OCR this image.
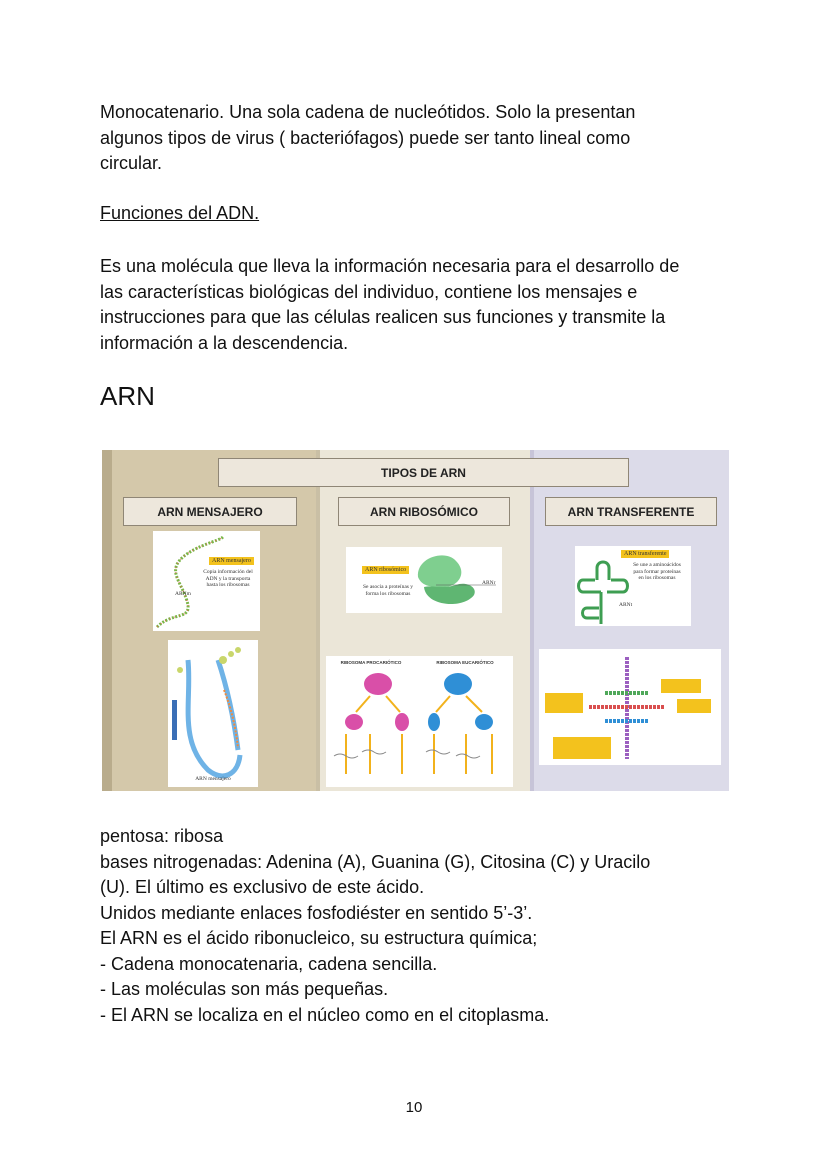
Monocatenario. Una sola cadena de nucleótidos. Solo la presentan
algunos tipos de virus ( bacteriófagos) puede ser tanto lineal como
circular.
Funciones del ADN.
Es una molécula que lleva la información necesaria para el desarrollo de
las características biológicas del individuo, contiene los mensajes e
instrucciones para que las células realicen sus funciones y transmite la
información a la descendencia.
ARN
TIPOS DE ARN
ARN MENSAJERO	ARN RIBOSÓMICO	ARN TRANSFERENTE
ARN mensajero
Copia información del
ADN y la transporta
hasta los ribosomas
ARNm
ARN mensajero
ARN ribosómico
Se asocia a proteínas y
forma los ribosomas
ARNr
RIBOSOMA PROCARIÓTICO	RIBOSOMA EUCARIÓTICO
ARN transferente
Se une a aminoácidos
para formar proteínas
en los ribosomas
ARNt
pentosa: ribosa
bases nitrogenadas: Adenina (A), Guanina (G), Citosina (C) y Uracilo
(U). El último es exclusivo de este ácido.
Unidos mediante enlaces fosfodiéster en sentido 5’-3’.
El ARN es el ácido ribonucleico, su estructura química;
- Cadena monocatenaria, cadena sencilla.
- Las moléculas son más pequeñas.
- El ARN se localiza en el núcleo como en el citoplasma.
10
